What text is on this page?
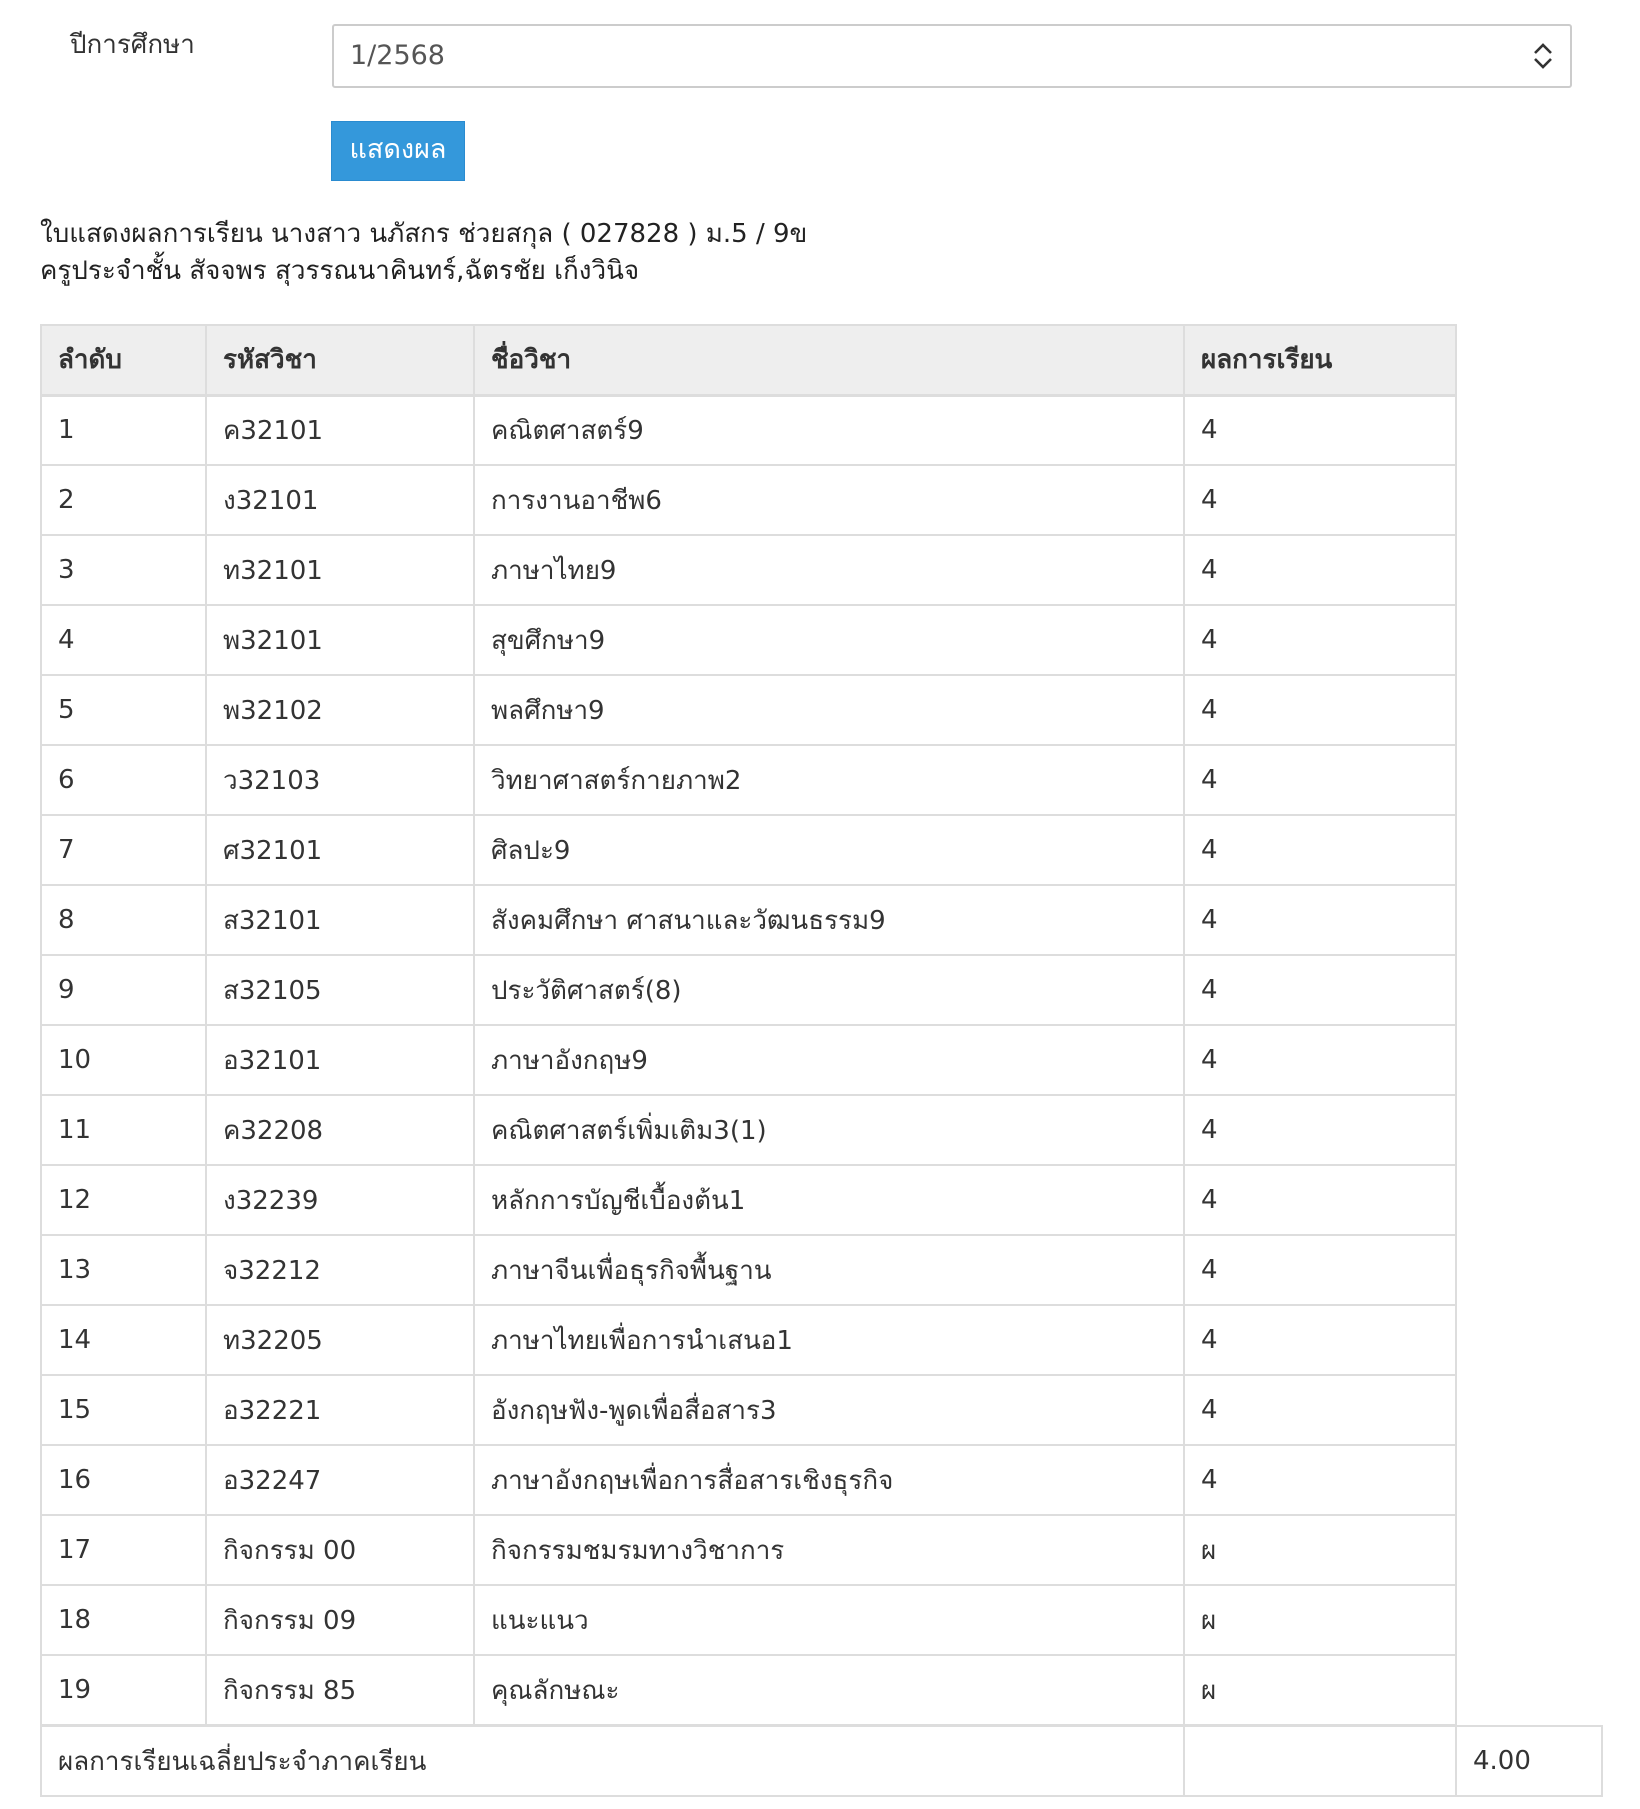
ปีการศึกษา	1/2568
แสดงผล
ใบแสดงผลการเรียน นางสาว นภัสกร ช่วยสกุล ( 027828 ) ม.5 / 9ข
ครูประจำชั้น สัจจพร สุวรรณนาคินทร์,ฉัตรชัย เก็งวินิจ
ลำดับ	รหัสวิชา	ชื่อวิชา	ผลการเรียน
1	ค32101	คณิตศาสตร์9	4
2	ง32101	การงานอาชีพ6	4
3	ท32101	ภาษาไทย9	4
4	พ32101	สุขศึกษา9	4
5	พ32102	พลศึกษา9	4
6	ว32103	วิทยาศาสตร์กายภาพ2	4
7	ศ32101	ศิลปะ9	4
8	ส32101	สังคมศึกษา ศาสนาและวัฒนธรรม9	4
9	ส32105	ประวัติศาสตร์(8)	4
10	อ32101	ภาษาอังกฤษ9	4
11	ค32208	คณิตศาสตร์เพิ่มเติม3(1)	4
12	ง32239	หลักการบัญชีเบื้องต้น1	4
13	จ32212	ภาษาจีนเพื่อธุรกิจพื้นฐาน	4
14	ท32205	ภาษาไทยเพื่อการนำเสนอ1	4
15	อ32221	อังกฤษฟัง-พูดเพื่อสื่อสาร3	4
16	อ32247	ภาษาอังกฤษเพื่อการสื่อสารเชิงธุรกิจ	4
17	กิจกรรม 00	กิจกรรมชมรมทางวิชาการ	ผ
18	กิจกรรม 09	แนะแนว	ผ
19	กิจกรรม 85	คุณลักษณะ	ผ
ผลการเรียนเฉลี่ยประจำภาคเรียน		4.00
